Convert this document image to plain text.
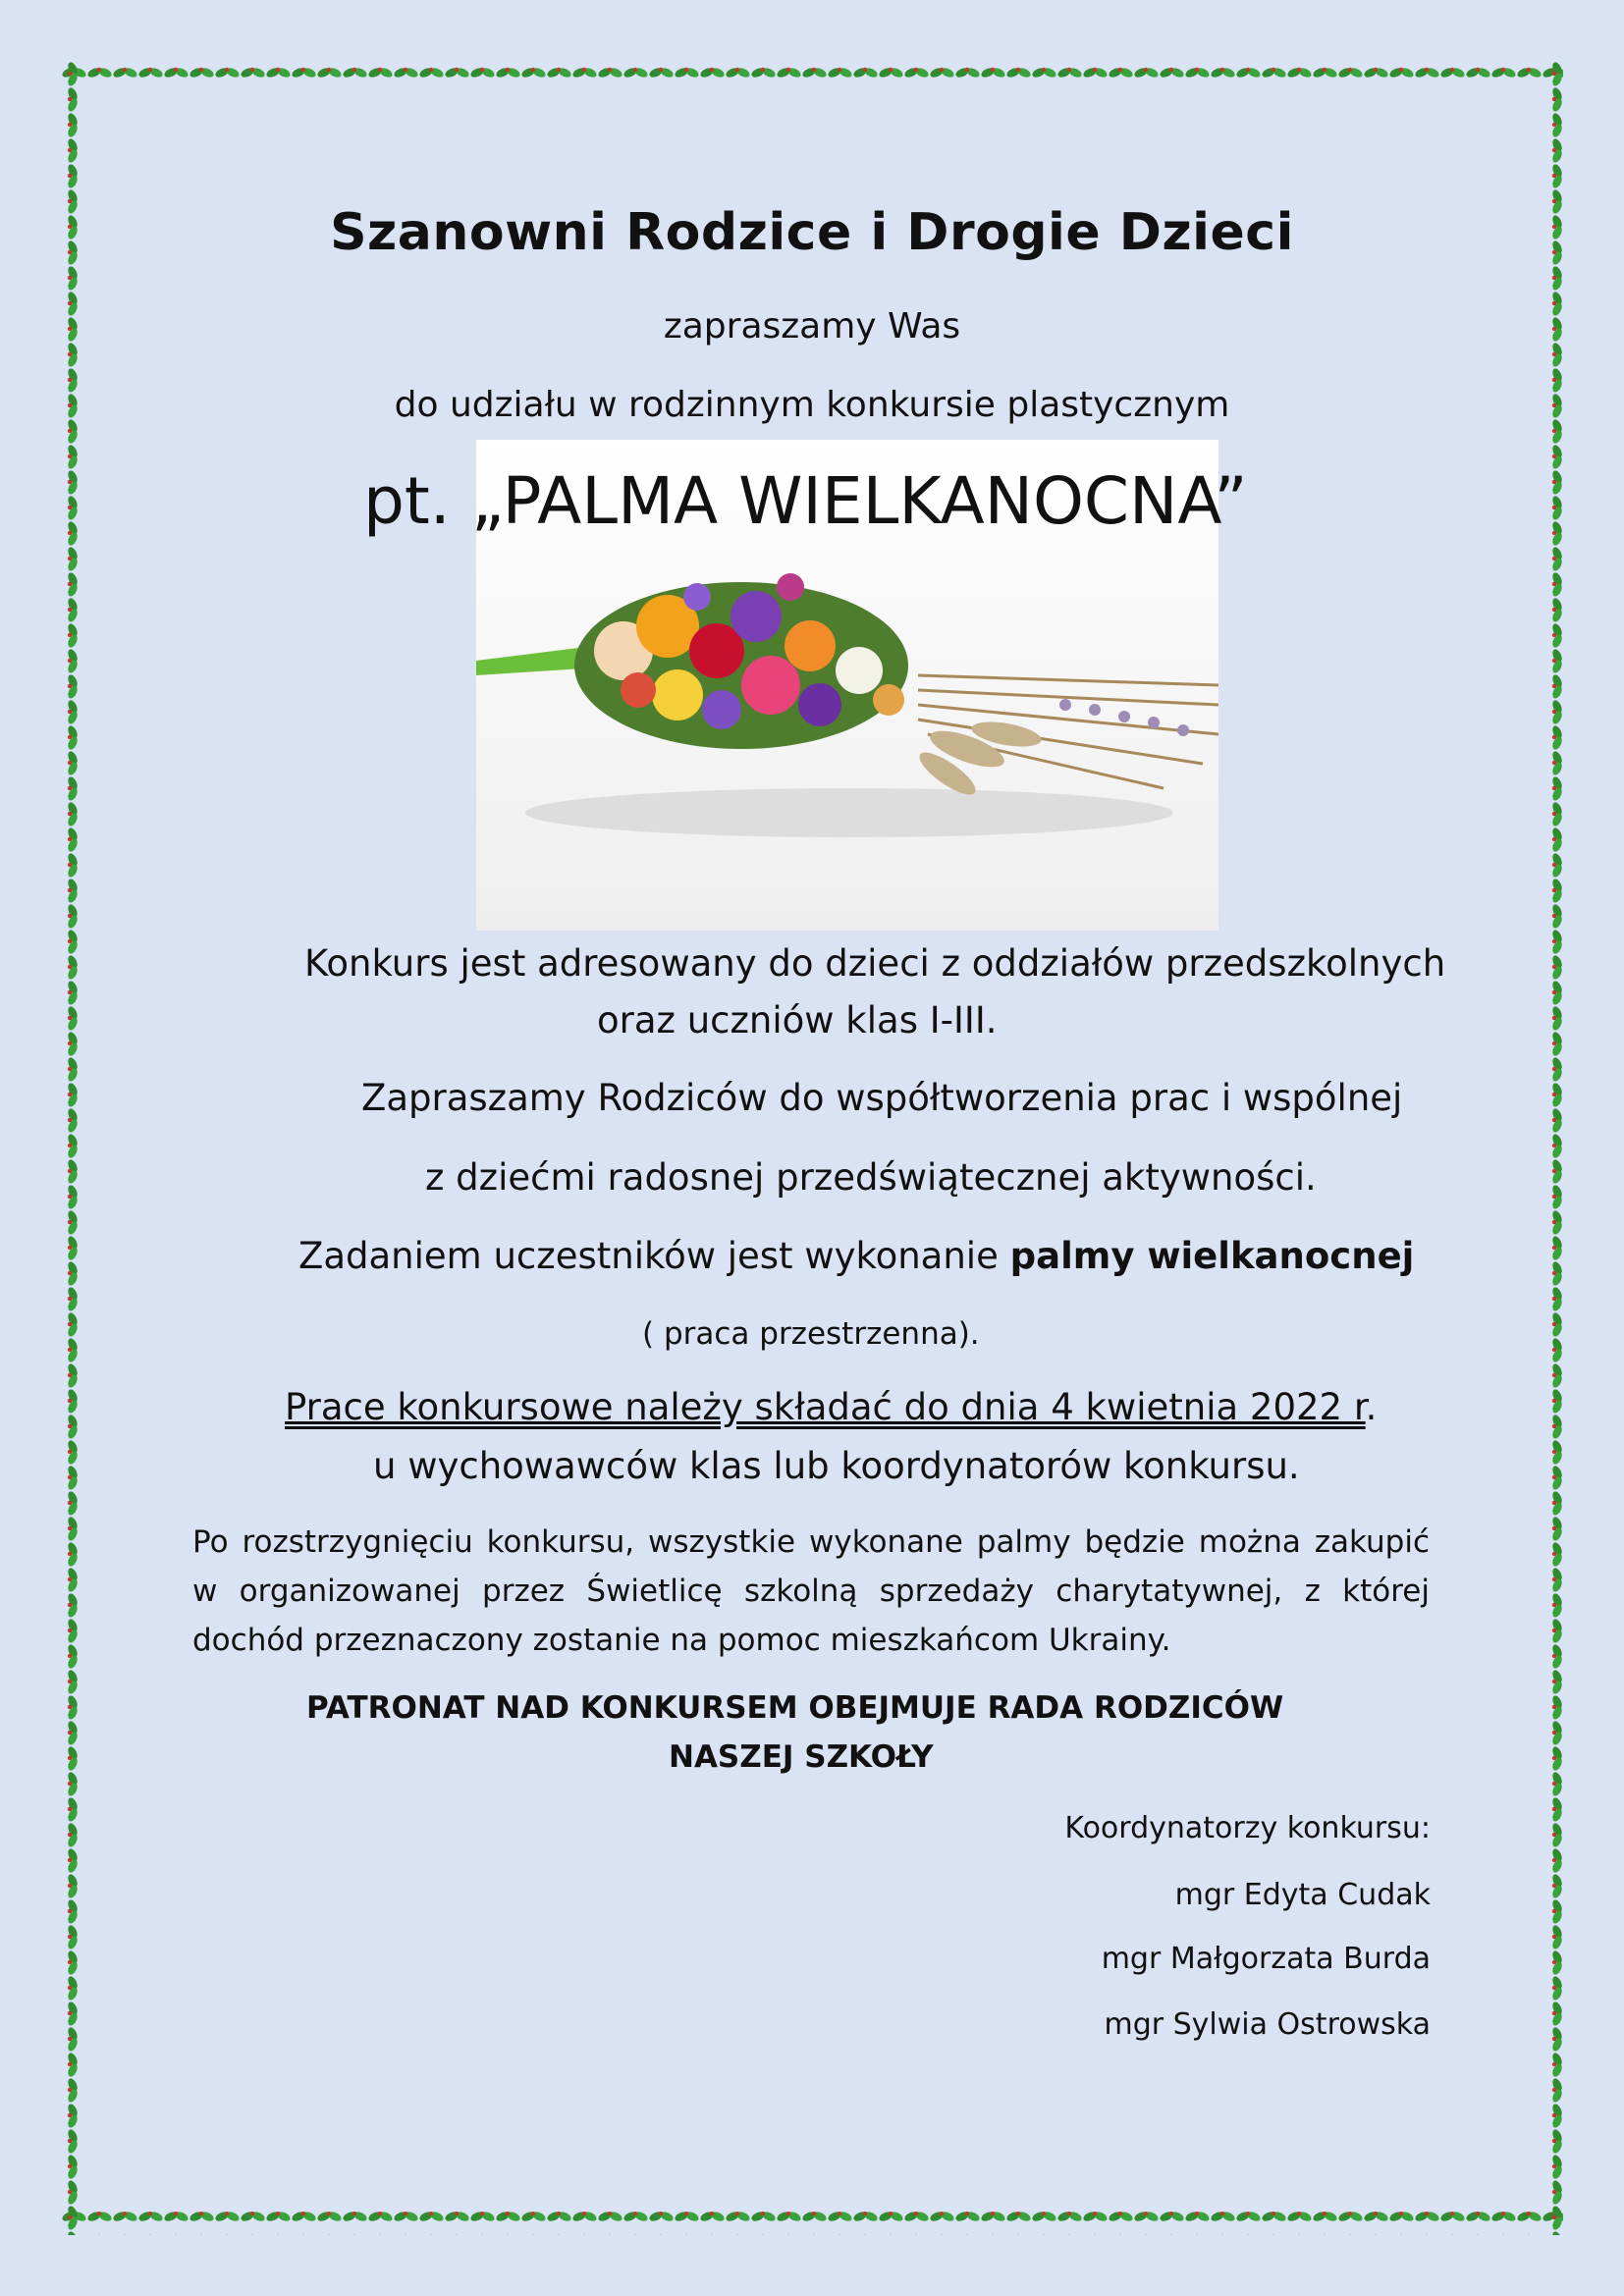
Szanowni Rodzice i Drogie Dzieci
zapraszamy Was
do udziału w rodzinnym konkursie plastycznym
pt. „PALMA WIELKANOCNA”
Konkurs jest adresowany do dzieci z oddziałów przedszkolnych
oraz uczniów klas I-III.
Zapraszamy Rodziców do współtworzenia prac i wspólnej
z dziećmi radosnej przedświątecznej aktywności.
Zadaniem uczestników jest wykonanie palmy wielkanocnej
( praca przestrzenna).
Prace konkursowe należy składać do dnia 4 kwietnia 2022 r.
u wychowawców klas lub koordynatorów konkursu.
Po rozstrzygnięciu konkursu, wszystkie wykonane palmy będzie można zakupić w organizowanej przez Świetlicę szkolną sprzedaży charytatywnej, z której dochód przeznaczony zostanie na pomoc mieszkańcom Ukrainy.
PATRONAT NAD KONKURSEM OBEJMUJE RADA RODZICÓW
NASZEJ SZKOŁY
Koordynatorzy konkursu:
mgr Edyta Cudak
mgr Małgorzata Burda
mgr Sylwia Ostrowska
